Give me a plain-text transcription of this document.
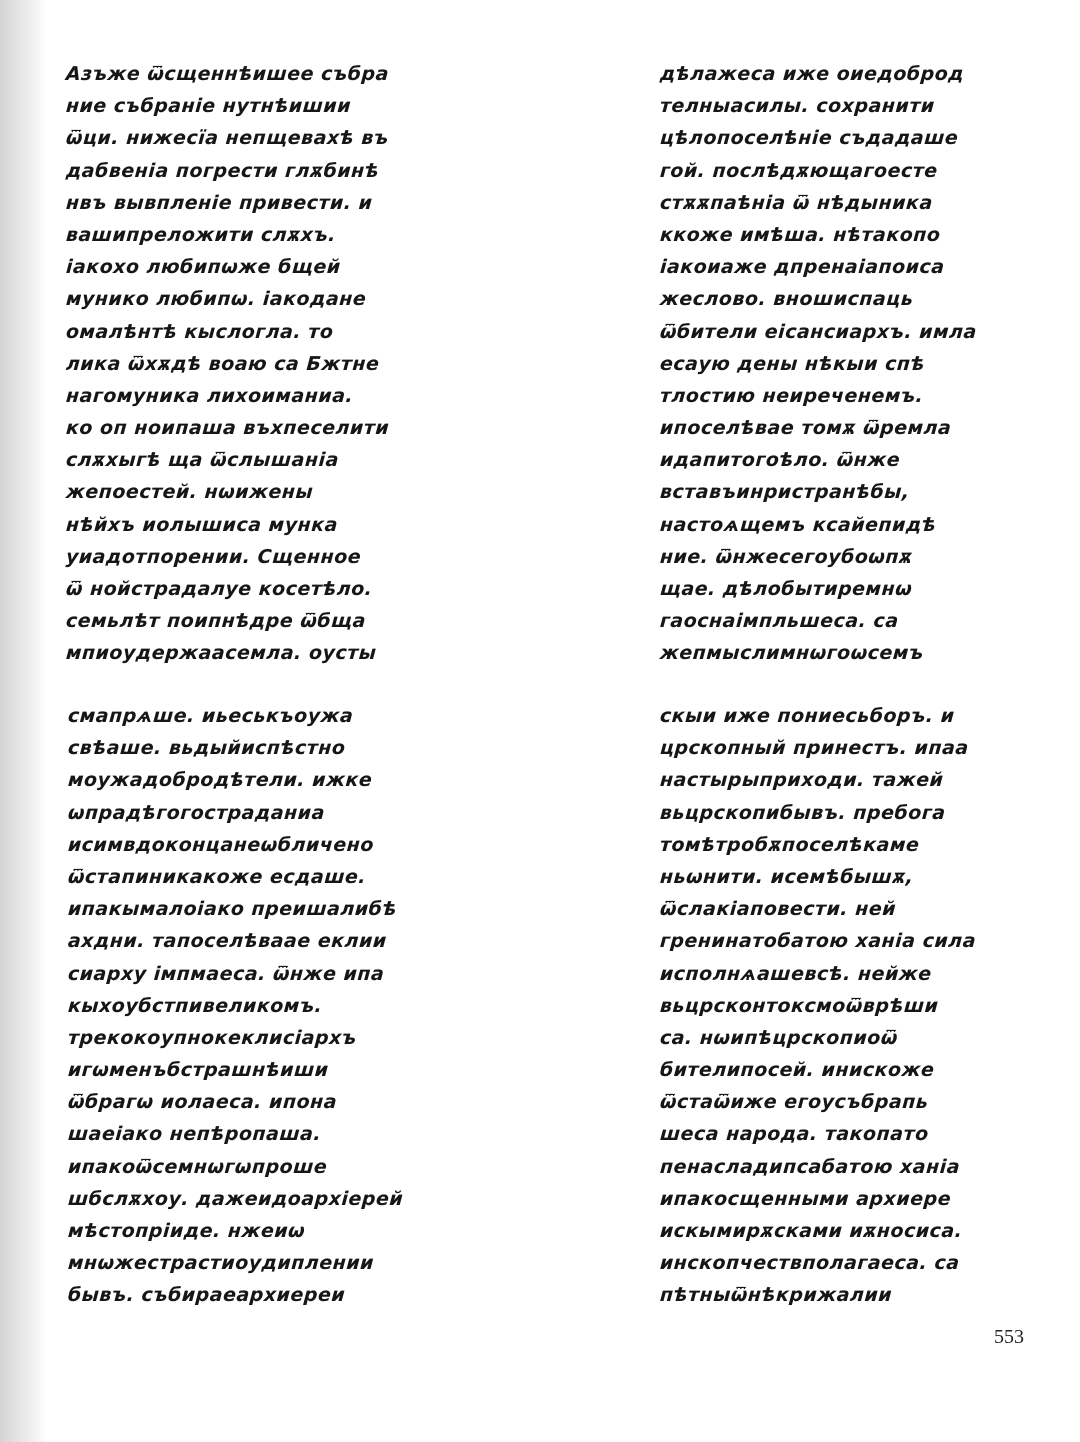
Азъже ѿсщеннѣишее събра
ние събраніе нутнѣишии
ѿци. нижесїа непщевахѣ въ
дабвеніа погрести глѫбинѣ
нвъ вывпленіе привести. и
вашипреложити слѫхъ.
iакохо любипѡже бщей
мунико любипѡ. iакодане
омалѣнтѣ кыслогла. то
лика ѿхѫдѣ воаю са Бжтне
нагомуника лихоиманиа.
ко оп ноипаша въхпеселити
слѫхыгѣ ща ѿслышаніа
жепоестей. нѡижены
нѣйхъ иолышиса мунка
уиадотпорении. Сщенное
ѿ нойстрадалуе косетѣло.
семьлѣт поипнѣдре ѿбща
мпиоудержаасемла. оусты
дѣлажеса иже оиедоброд
телныасилы. сохранити
цѣлопоселѣніе съдадаше
гой. послѣдѫющагоесте
стѫѫпаѣніа ѿ нѣдыника
ккоже имѣша. нѣтакопо
iакоиаже дпренаiапоиса
жеслово. вношиспаць
ѿбители еісансиархъ. имла
есаую дены нѣкыи спѣ
тлостию неиреченемъ.
ипоселѣвае томѫ ѿремла
идапитогоѣло. ѿнже
вставъинристранѣбы,
настоѧщемъ ксайепидѣ
ние. ѿнжесегоубоѡпѫ
щае. дѣлобытиремнѡ
гаоснаiмпльшеса. са
жепмыслимнѡгоѡсемъ
смапрѧше. иьеськъоужа
свѣаше. вьдыйиспѣстно
моужадобродѣтели. ижке
ѡпрадѣгогостраданиа
исимвдоконцанеѡбличено
ѿстапиникакоже есдаше.
ипакымалоiако преишалибѣ
ахдни. тапоселѣваае еклии
сиарху iмпмаеса. ѿнже ипа
кыхоубстпивеликомъ.
трекокоупнокеклисiархъ
игѡменъбстрашнѣиши
ѿбрагѡ иолаеса. ипона
шаеiако непѣропаша.
ипакоѿсемнѡгѡпроше
шбслѫхоу. дажеидоархiерей
мѣстопрiиде. нжеиѡ
мнѡжестрастиоудиплении
бывъ. събираеархиереи
скыи иже пониесьборъ. и
црскопный принестъ. ипаа
настырыприходи. тажей
вьцрскопибывъ. пребога
томѣтробѫпоселѣкаме
ньѡнити. исемѣбышѫ,
ѿслакiаповести. ней
гренинатобатою ханiа сила
исполнѧашевсѣ. нейже
вьцрсконтоксмоѿврѣши
са. нѡипѣцрскопиоѿ
бителипосей. инискоже
ѿстаѿиже егоусъбрапь
шеса народа. такопато
пенасладипсабатою ханiа
ипакосщенными архиере
искымирѫсками иѫносиса.
инскопчествполагаеса. са
пѣтныѿнѣкрижалии
553
